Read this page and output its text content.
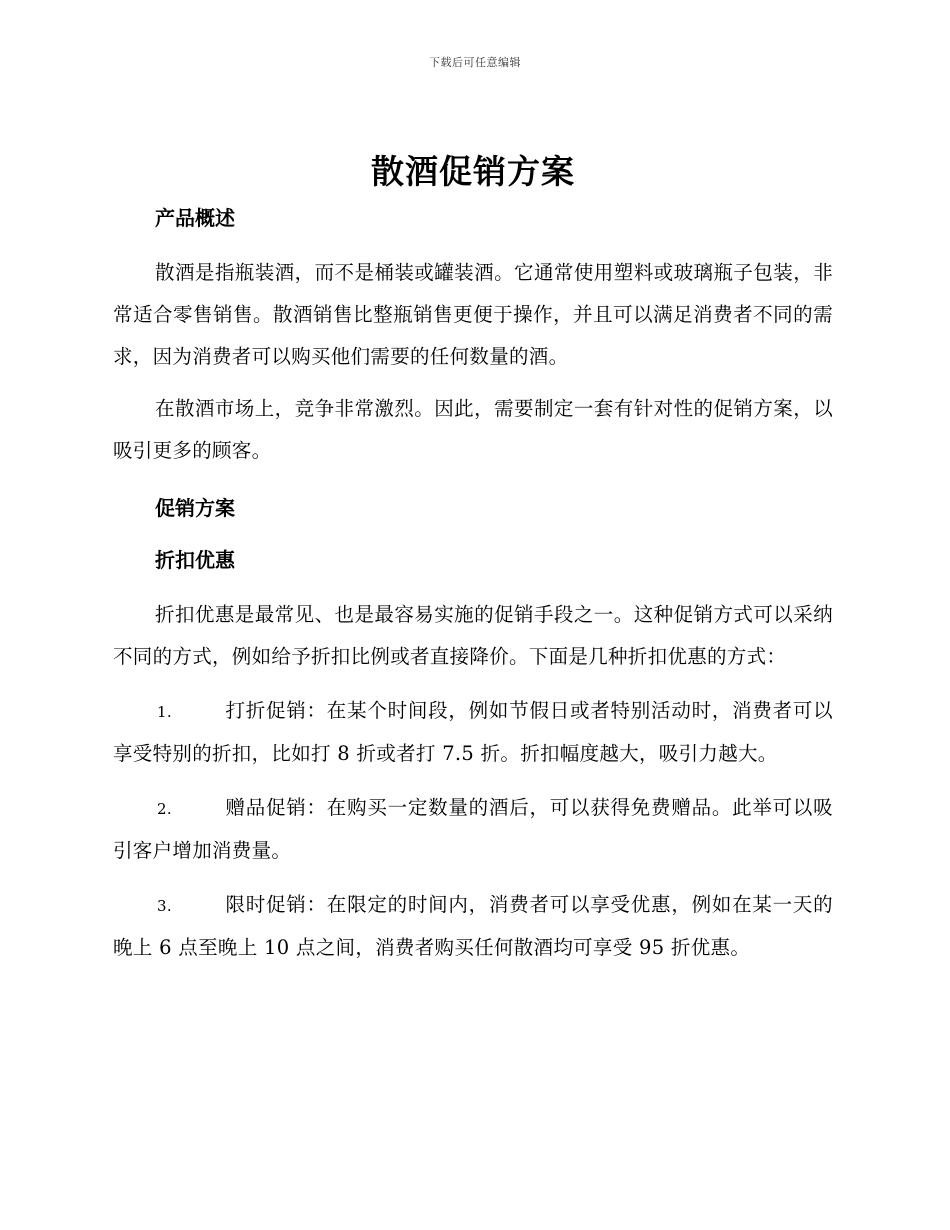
下载后可任意编辑
散酒促销方案
产品概述

散酒是指瓶装酒，而不是桶装或罐装酒。它通常使用塑料或玻璃瓶子包装，非常适合零售销售。散酒销售比整瓶销售更便于操作，并且可以满足消费者不同的需求，因为消费者可以购买他们需要的任何数量的酒。

在散酒市场上，竞争非常激烈。因此，需要制定一套有针对性的促销方案，以吸引更多的顾客。

促销方案
折扣优惠

折扣优惠是最常见、也是最容易实施的促销手段之一。这种促销方式可以采纳不同的方式，例如给予折扣比例或者直接降价。下面是几种折扣优惠的方式：

1.	打折促销：在某个时间段，例如节假日或者特别活动时，消费者可以享受特别的折扣，比如打 8 折或者打 7.5 折。折扣幅度越大，吸引力越大。
2.	赠品促销：在购买一定数量的酒后，可以获得免费赠品。此举可以吸引客户增加消费量。
3.	限时促销：在限定的时间内，消费者可以享受优惠，例如在某一天的晚上 6 点至晚上 10 点之间，消费者购买任何散酒均可享受 95 折优惠。
